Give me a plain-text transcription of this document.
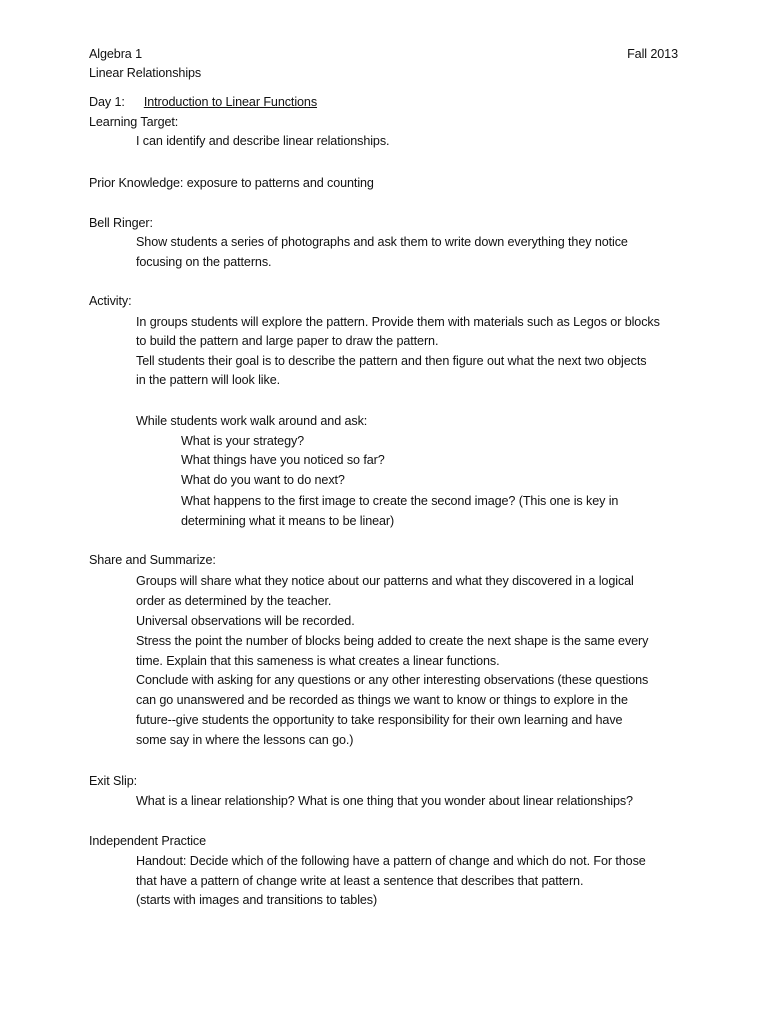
Algebra 1	Fall 2013
Linear Relationships
Day 1: Introduction to Linear Functions
Learning Target:
I can identify and describe linear relationships.
Prior Knowledge: exposure to patterns and counting
Bell Ringer:
Show students a series of photographs and ask them to write down everything they notice
focusing on the patterns.
Activity:
In groups students will explore the pattern. Provide them with materials such as Legos or blocks
to build the pattern and large paper to draw the pattern.
Tell students their goal is to describe the pattern and then figure out what the next two objects
in the pattern will look like.
While students work walk around and ask:
What is your strategy?
What things have you noticed so far?
What do you want to do next?
What happens to the first image to create the second image? (This one is key in
determining what it means to be linear)
Share and Summarize:
Groups will share what they notice about our patterns and what they discovered in a logical
order as determined by the teacher.
Universal observations will be recorded.
Stress the point the number of blocks being added to create the next shape is the same every
time. Explain that this sameness is what creates a linear functions.
Conclude with asking for any questions or any other interesting observations (these questions
can go unanswered and be recorded as things we want to know or things to explore in the
future--give students the opportunity to take responsibility for their own learning and have
some say in where the lessons can go.)
Exit Slip:
What is a linear relationship? What is one thing that you wonder about linear relationships?
Independent Practice
Handout: Decide which of the following have a pattern of change and which do not. For those
that have a pattern of change write at least a sentence that describes that pattern.
(starts with images and transitions to tables)
